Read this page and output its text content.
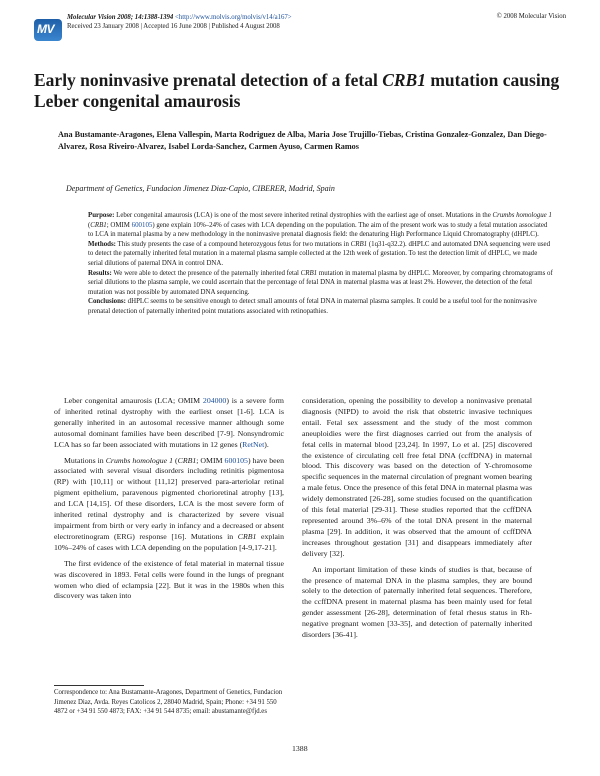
MV
Molecular Vision 2008; 14:1388-1394 <http://www.molvis.org/molvis/v14/a167>
Received 23 January 2008 | Accepted 16 June 2008 | Published 4 August 2008
© 2008 Molecular Vision
Early noninvasive prenatal detection of a fetal CRB1 mutation causing Leber congenital amaurosis

Ana Bustamante-Aragones, Elena Vallespin, Marta Rodriguez de Alba, Maria Jose Trujillo-Tiebas, Cristina Gonzalez-Gonzalez, Dan Diego-Alvarez, Rosa Riveiro-Alvarez, Isabel Lorda-Sanchez, Carmen Ayuso, Carmen Ramos

Department of Genetics, Fundacion Jimenez Diaz-Capio, CIBERER, Madrid, Spain

Purpose: Leber congenital amaurosis (LCA) is one of the most severe inherited retinal dystrophies with the earliest age of onset. Mutations in the Crumbs homologue 1 (CRB1; OMIM 600105) gene explain 10%–24% of cases with LCA depending on the population. The aim of the present work was to study a fetal mutation associated to LCA in maternal plasma by a new methodology in the noninvasive prenatal diagnosis field: the denaturing High Performance Liquid Chromatography (dHPLC).

Methods: This study presents the case of a compound heterozygous fetus for two mutations in CRB1 (1q31-q32.2). dHPLC and automated DNA sequencing were used to detect the paternally inherited fetal mutation in a maternal plasma sample collected at the 12th week of gestation. To test the detection limit of dHPLC, we made serial dilutions of paternal DNA in control DNA.

Results: We were able to detect the presence of the paternally inherited fetal CRB1 mutation in maternal plasma by dHPLC. Moreover, by comparing chromatograms of serial dilutions to the plasma sample, we could ascertain that the percentage of fetal DNA in maternal plasma was at least 2%. However, the detection of the fetal mutation was not possible by automated DNA sequencing.

Conclusions: dHPLC seems to be sensitive enough to detect small amounts of fetal DNA in maternal plasma samples. It could be a useful tool for the noninvasive prenatal detection of paternally inherited point mutations associated with retinopathies.

Leber congenital amaurosis (LCA; OMIM 204000) is a severe form of inherited retinal dystrophy with the earliest onset [1-6]. LCA is generally inherited in an autosomal recessive manner although some autosomal dominant families have been described [7-9]. Nonsyndromic LCA has so far been associated with mutations in 12 genes (RetNet).

Mutations in Crumbs homologue 1 (CRB1; OMIM 600105) have been associated with several visual disorders including retinitis pigmentosa (RP) with [10,11] or without [11,12] preserved para-arteriolar retinal pigment epithelium, paravenous pigmented chorioretinal atrophy [13], and LCA [14,15]. Of these disorders, LCA is the most severe form of inherited retinal dystrophy and is characterized by severe visual impairment from birth or very early in infancy and a decreased or absent electroretinogram (ERG) response [16]. Mutations in CRB1 explain 10%–24% of cases with LCA depending on the population [4-9,17-21].

The first evidence of the existence of fetal material in maternal tissue was discovered in 1893. Fetal cells were found in the lungs of pregnant women who died of eclampsia [22]. But it was in the 1980s when this discovery was taken into

consideration, opening the possibility to develop a noninvasive prenatal diagnosis (NIPD) to avoid the risk that obstetric invasive techniques entail. Fetal sex assessment and the study of the most common aneuploidies were the first diagnoses carried out from the analysis of fetal cells in maternal blood [23,24]. In 1997, Lo et al. [25] discovered the existence of circulating cell free fetal DNA (ccffDNA) in maternal blood. This discovery was based on the detection of Y-chromosome specific sequences in the maternal circulation of pregnant women bearing a male fetus. Once the presence of this fetal DNA in maternal plasma was widely demonstrated [26-28], some studies focused on the quantification of this fetal material [29-31]. These studies reported that the ccffDNA represented around 3%–6% of the total DNA present in the maternal plasma [29]. In addition, it was observed that the amount of ccffDNA increases throughout gestation [31] and disappears immediately after delivery [32].

An important limitation of these kinds of studies is that, because of the presence of maternal DNA in the plasma samples, they are bound solely to the detection of paternally inherited fetal sequences. Therefore, the ccffDNA present in maternal plasma has been mainly used for fetal gender assessment [26-28], determination of fetal rhesus status in Rh-negative pregnant women [33-35], and detection of paternally inherited disorders [36-41].

Correspondence to: Ana Bustamante-Aragones, Department of Genetics, Fundacion Jimenez Diaz, Avda. Reyes Catolicos 2, 28040 Madrid, Spain; Phone: +34 91 550 4872 or +34 91 550 4873; FAX: +34 91 544 8735; email: abustamante@fjd.es

1388
